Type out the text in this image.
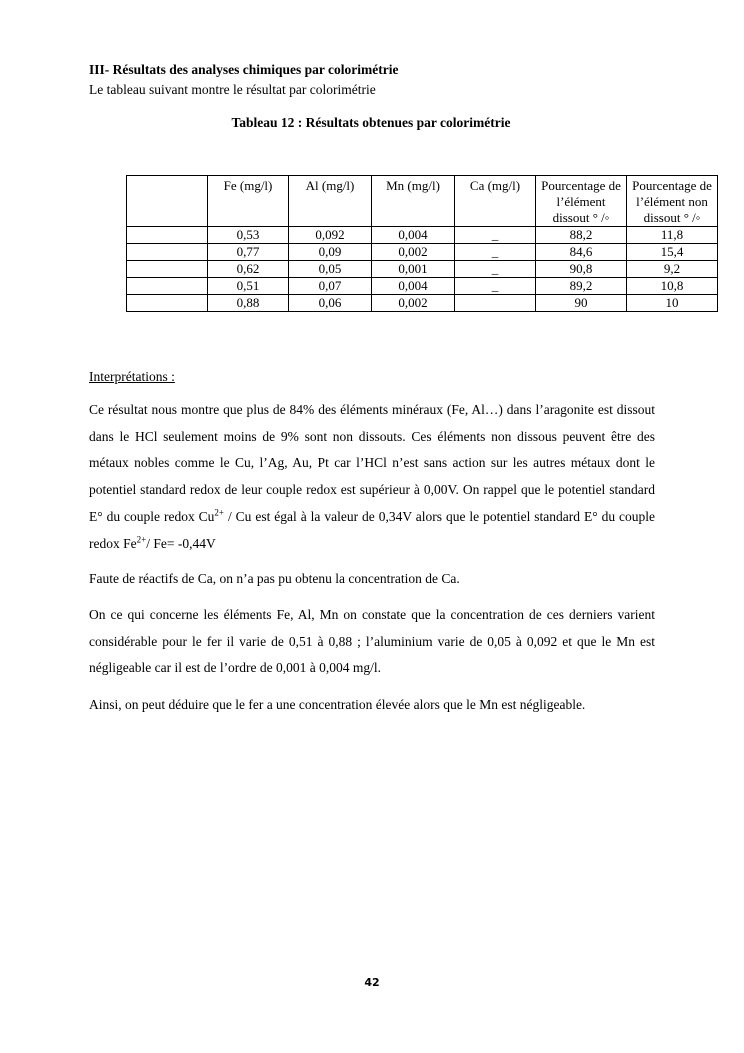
III- Résultats des analyses chimiques par colorimétrie

Le tableau suivant montre le résultat par colorimétrie

Tableau 12 : Résultats obtenues par colorimétrie

	Fe (mg/l)	Al (mg/l)	Mn (mg/l)	Ca (mg/l)	Pourcentage de l’élément dissout ° /◦	Pourcentage de l’élément non dissout ° /◦
	0,53	0,092	0,004	_	88,2	11,8
	0,77	0,09	0,002	_	84,6	15,4
	0,62	0,05	0,001	_	90,8	9,2
	0,51	0,07	0,004	_	89,2	10,8
	0,88	0,06	0,002		90	10

Interprétations :

Ce résultat nous montre que plus de 84% des éléments minéraux (Fe, Al…) dans l’aragonite est dissout dans le HCl seulement moins de 9% sont non dissouts. Ces éléments non dissous peuvent être des métaux nobles comme le Cu, l’Ag, Au, Pt car l’HCl n’est sans action sur les autres métaux dont le potentiel standard redox de leur couple redox est supérieur à 0,00V. On rappel que le potentiel standard E° du couple redox $Cu^{2+}$ / Cu est égal à la valeur de 0,34V alors que le potentiel standard E° du couple redox $Fe^{2+}/$ Fe= -0,44V

Faute de réactifs de Ca, on n’a pas pu obtenu la concentration de Ca.

On ce qui concerne les éléments Fe, Al, Mn on constate que la concentration de ces derniers varient considérable pour le fer il varie de 0,51 à 0,88 ; l’aluminium varie de 0,05 à 0,092 et que le Mn est négligeable car il est de l’ordre de 0,001 à 0,004 mg/l.

Ainsi, on peut déduire que le fer a une concentration élevée alors que le Mn est négligeable.

42
